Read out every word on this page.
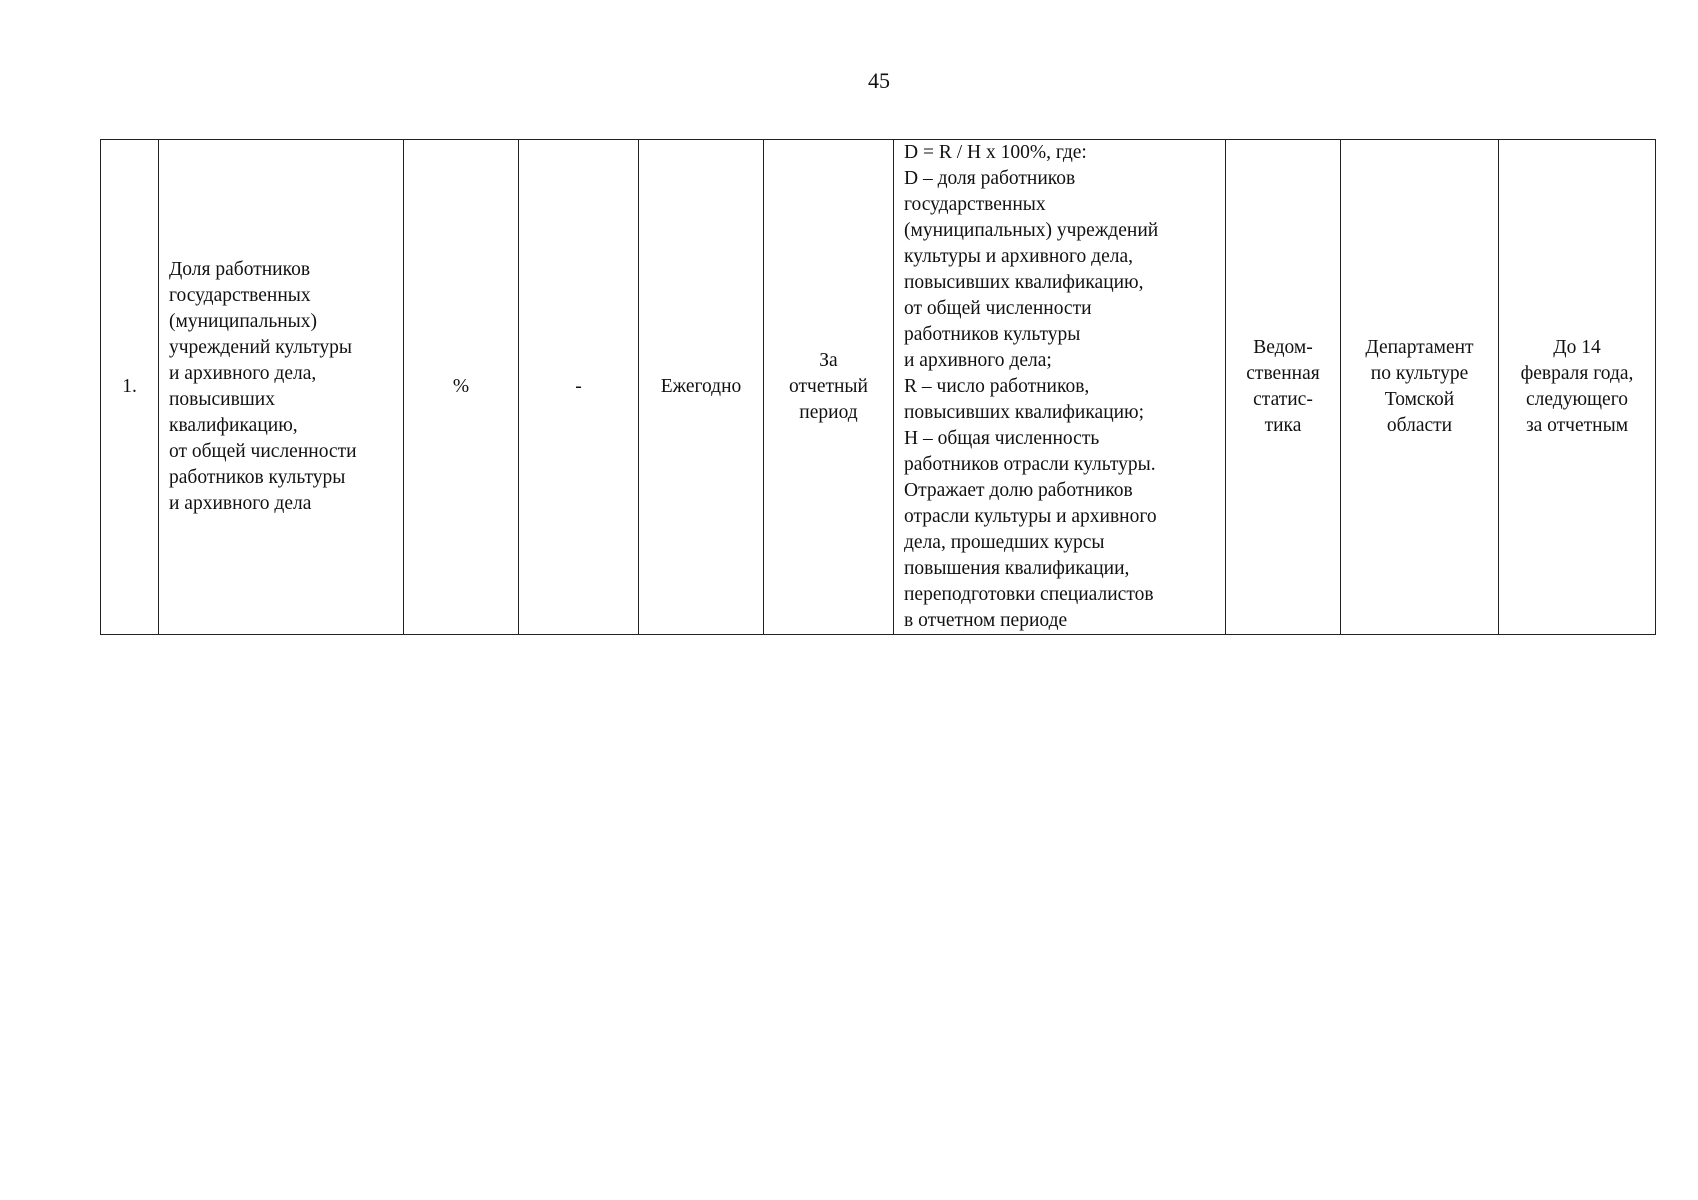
45
1.	Доля работников
государственных
(муниципальных)
учреждений культуры
и архивного дела,
повысивших
квалификацию,
от общей численности
работников культуры
и архивного дела	%	-	Ежегодно	За
отчетный
период	D = R / H x 100%, где:
D – доля работников
государственных
(муниципальных) учреждений
культуры и архивного дела,
повысивших квалификацию,
от общей численности
работников культуры
и архивного дела;
R – число работников,
повысивших квалификацию;
H – общая численность
работников отрасли культуры.
Отражает долю работников
отрасли культуры и архивного
дела, прошедших курсы
повышения квалификации,
переподготовки специалистов
в отчетном периоде	Ведом-
ственная
статис-
тика	Департамент
по культуре
Томской
области	До 14
февраля года,
следующего
за отчетным
